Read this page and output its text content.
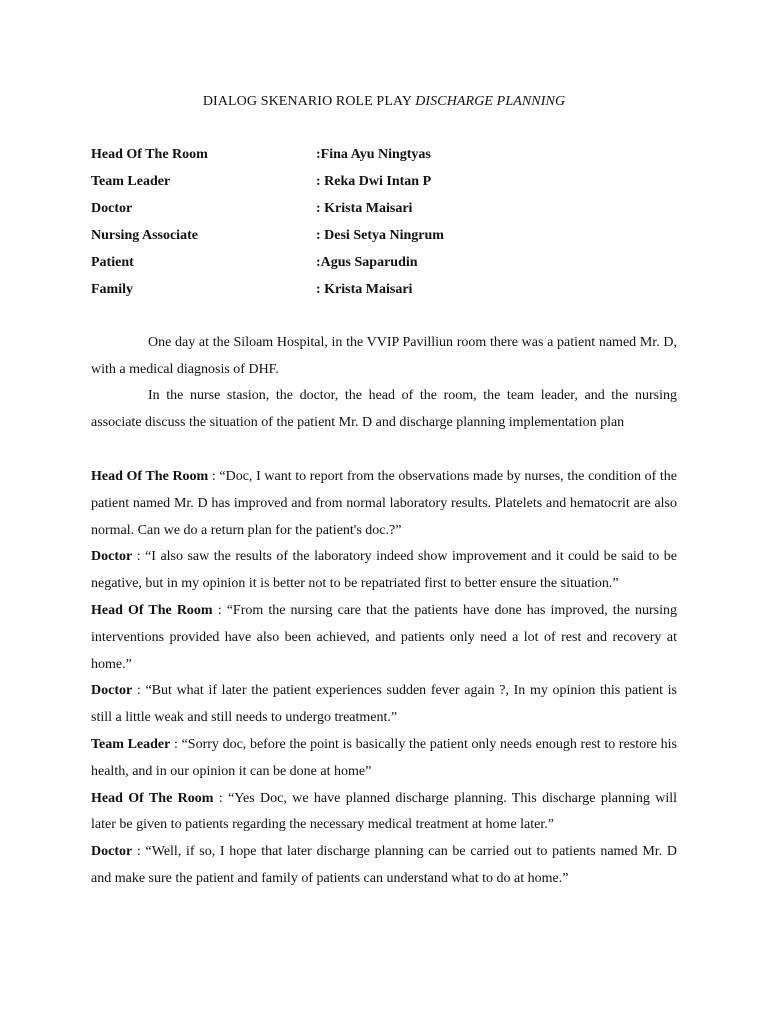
DIALOG SKENARIO ROLE PLAY DISCHARGE PLANNING
Head Of The Room	:Fina Ayu Ningtyas
Team Leader	: Reka Dwi Intan P
Doctor	: Krista Maisari
Nursing Associate	: Desi Setya Ningrum
Patient	:Agus Saparudin
Family	: Krista Maisari

One day at the Siloam Hospital, in the VVIP Pavilliun room there was a patient named Mr. D, with a medical diagnosis of DHF.

In the nurse stasion, the doctor, the head of the room, the team leader, and the nursing associate discuss the situation of the patient Mr. D and discharge planning implementation plan

Head Of The Room : “Doc, I want to report from the observations made by nurses, the condition of the patient named Mr. D has improved and from normal laboratory results. Platelets and hematocrit are also normal. Can we do a return plan for the patient's doc.?”

Doctor : “I also saw the results of the laboratory indeed show improvement and it could be said to be negative, but in my opinion it is better not to be repatriated first to better ensure the situation.”

Head Of The Room : “From the nursing care that the patients have done has improved, the nursing interventions provided have also been achieved, and patients only need a lot of rest and recovery at home.”

Doctor : “But what if later the patient experiences sudden fever again ?, In my opinion this patient is still a little weak and still needs to undergo treatment.”

Team Leader : “Sorry doc, before the point is basically the patient only needs enough rest to restore his health, and in our opinion it can be done at home”

Head Of The Room : “Yes Doc, we have planned discharge planning. This discharge planning will later be given to patients regarding the necessary medical treatment at home later.”

Doctor : “Well, if so, I hope that later discharge planning can be carried out to patients named Mr. D and make sure the patient and family of patients can understand what to do at home.”
